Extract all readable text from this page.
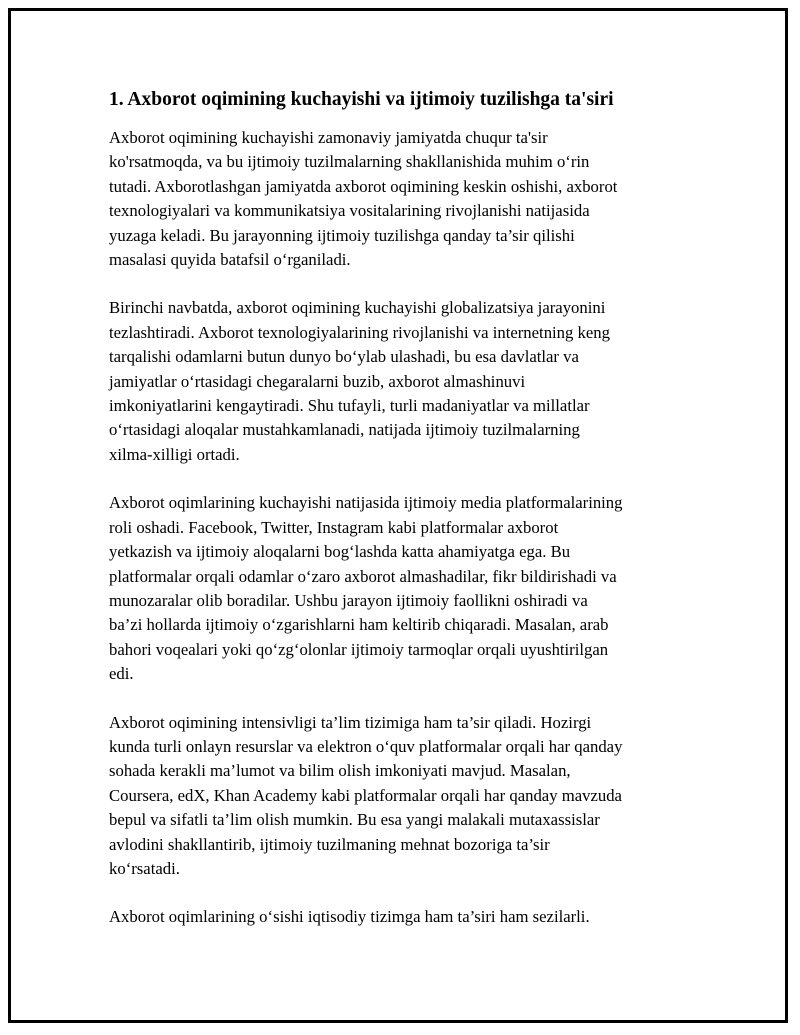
1. Axborot oqimining kuchayishi va ijtimoiy tuzilishga ta'siri
Axborot oqimining kuchayishi zamonaviy jamiyatda chuqur ta'sir
ko'rsatmoqda, va bu ijtimoiy tuzilmalarning shakllanishida muhim o‘rin
tutadi. Axborotlashgan jamiyatda axborot oqimining keskin oshishi, axborot
texnologiyalari va kommunikatsiya vositalarining rivojlanishi natijasida
yuzaga keladi. Bu jarayonning ijtimoiy tuzilishga qanday ta’sir qilishi
masalasi quyida batafsil o‘rganiladi.
Birinchi navbatda, axborot oqimining kuchayishi globalizatsiya jarayonini
tezlashtiradi. Axborot texnologiyalarining rivojlanishi va internetning keng
tarqalishi odamlarni butun dunyo bo‘ylab ulashadi, bu esa davlatlar va
jamiyatlar o‘rtasidagi chegaralarni buzib, axborot almashinuvi
imkoniyatlarini kengaytiradi. Shu tufayli, turli madaniyatlar va millatlar
o‘rtasidagi aloqalar mustahkamlanadi, natijada ijtimoiy tuzilmalarning
xilma-xilligi ortadi.
Axborot oqimlarining kuchayishi natijasida ijtimoiy media platformalarining
roli oshadi. Facebook, Twitter, Instagram kabi platformalar axborot
yetkazish va ijtimoiy aloqalarni bog‘lashda katta ahamiyatga ega. Bu
platformalar orqali odamlar o‘zaro axborot almashadilar, fikr bildirishadi va
munozaralar olib boradilar. Ushbu jarayon ijtimoiy faollikni oshiradi va
ba’zi hollarda ijtimoiy o‘zgarishlarni ham keltirib chiqaradi. Masalan, arab
bahori voqealari yoki qo‘zg‘olonlar ijtimoiy tarmoqlar orqali uyushtirilgan
edi.
Axborot oqimining intensivligi ta’lim tizimiga ham ta’sir qiladi. Hozirgi
kunda turli onlayn resurslar va elektron o‘quv platformalar orqali har qanday
sohada kerakli ma’lumot va bilim olish imkoniyati mavjud. Masalan,
Coursera, edX, Khan Academy kabi platformalar orqali har qanday mavzuda
bepul va sifatli ta’lim olish mumkin. Bu esa yangi malakali mutaxassislar
avlodini shakllantirib, ijtimoiy tuzilmaning mehnat bozoriga ta’sir
ko‘rsatadi.
Axborot oqimlarining o‘sishi iqtisodiy tizimga ham ta’siri ham sezilarli.
